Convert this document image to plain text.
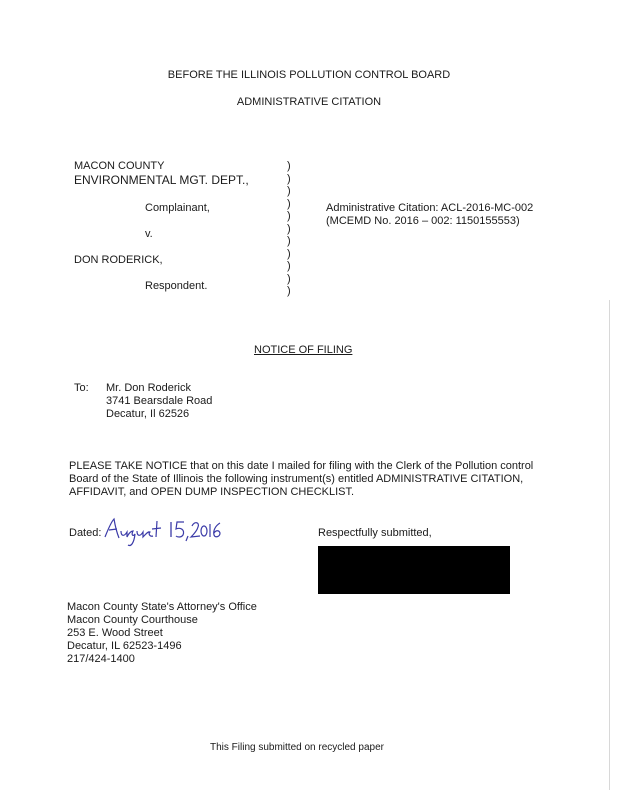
BEFORE THE ILLINOIS POLLUTION CONTROL BOARD
ADMINISTRATIVE CITATION
MACON COUNTY
ENVIRONMENTAL MGT. DEPT.,
Complainant,
v.
DON RODERICK,
Respondent.
)
)
)
)
)
)
)
)
)
)
)
Administrative Citation: ACL-2016-MC-002
(MCEMD No. 2016 – 002: 1150155553)
NOTICE OF FILING
To: Mr. Don Roderick
3741 Bearsdale Road
Decatur, Il 62526
PLEASE TAKE NOTICE that on this date I mailed for filing with the Clerk of the Pollution control Board of the State of Illinois the following instrument(s) entitled ADMINISTRATIVE CITATION, AFFIDAVIT, and OPEN DUMP INSPECTION CHECKLIST.
Dated:	Respectfully submitted,
Macon County State's Attorney's Office
Macon County Courthouse
253 E. Wood Street
Decatur, IL 62523-1496
217/424-1400
This Filing submitted on recycled paper
